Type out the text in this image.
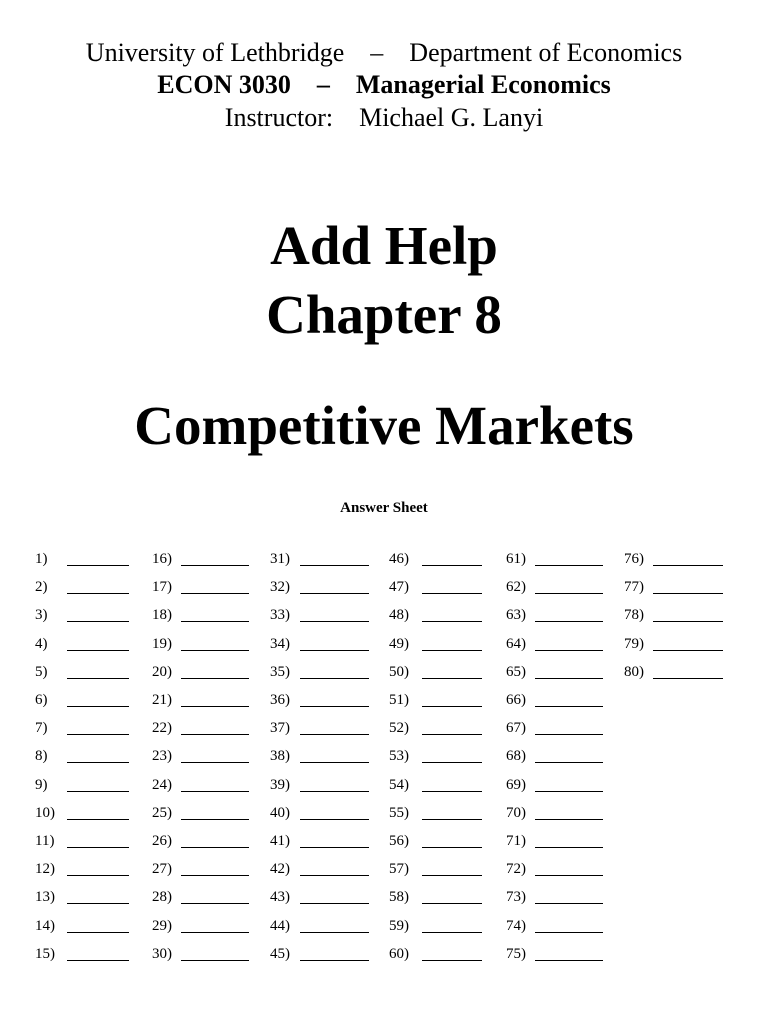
University of Lethbridge    –    Department of Economics
ECON 3030    –    Managerial Economics
Instructor:    Michael G. Lanyi
Add Help
Chapter 8
Competitive Markets
Answer Sheet
1)
2)
3)
4)
5)
6)
7)
8)
9)
10)
11)
12)
13)
14)
15)
16)
17)
18)
19)
20)
21)
22)
23)
24)
25)
26)
27)
28)
29)
30)
31)
32)
33)
34)
35)
36)
37)
38)
39)
40)
41)
42)
43)
44)
45)
46)
47)
48)
49)
50)
51)
52)
53)
54)
55)
56)
57)
58)
59)
60)
61)
62)
63)
64)
65)
66)
67)
68)
69)
70)
71)
72)
73)
74)
75)
76)
77)
78)
79)
80)
